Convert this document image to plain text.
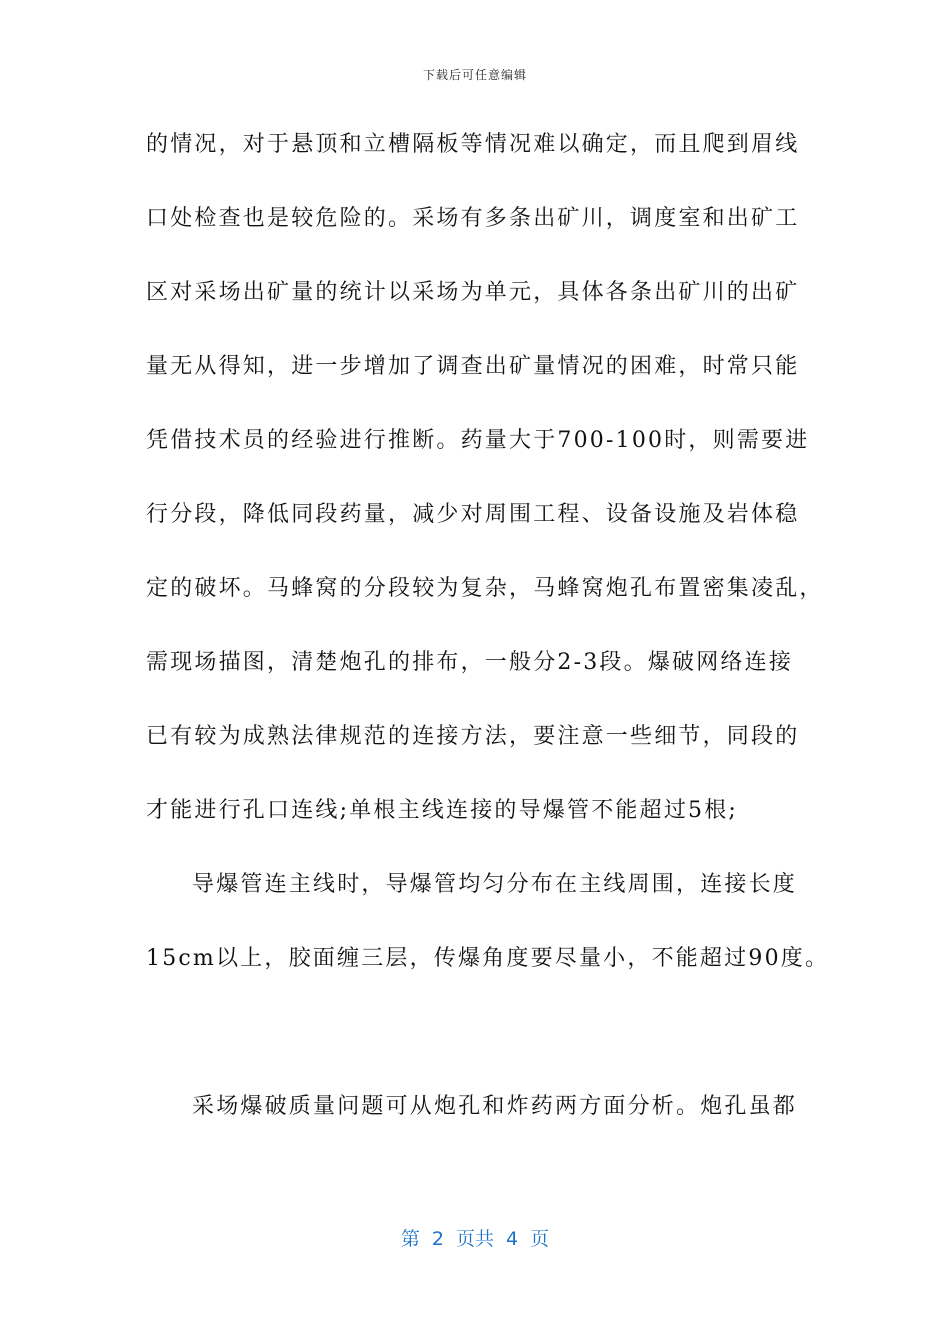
下载后可任意编辑
的情况，对于悬顶和立槽隔板等情况难以确定，而且爬到眉线
口处检查也是较危险的。采场有多条出矿川，调度室和出矿工
区对采场出矿量的统计以采场为单元，具体各条出矿川的出矿
量无从得知，进一步增加了调查出矿量情况的困难，时常只能
凭借技术员的经验进行推断。药量大于700-100时，则需要进
行分段，降低同段药量，减少对周围工程、设备设施及岩体稳
定的破坏。马蜂窝的分段较为复杂，马蜂窝炮孔布置密集凌乱，
需现场描图，清楚炮孔的排布，一般分2-3段。爆破网络连接
已有较为成熟法律规范的连接方法，要注意一些细节，同段的
才能进行孔口连线;单根主线连接的导爆管不能超过5根;
导爆管连主线时，导爆管均匀分布在主线周围，连接长度
15cm以上，胶面缠三层，传爆角度要尽量小，不能超过90度。
采场爆破质量问题可从炮孔和炸药两方面分析。炮孔虽都
第 2 页共 4 页
